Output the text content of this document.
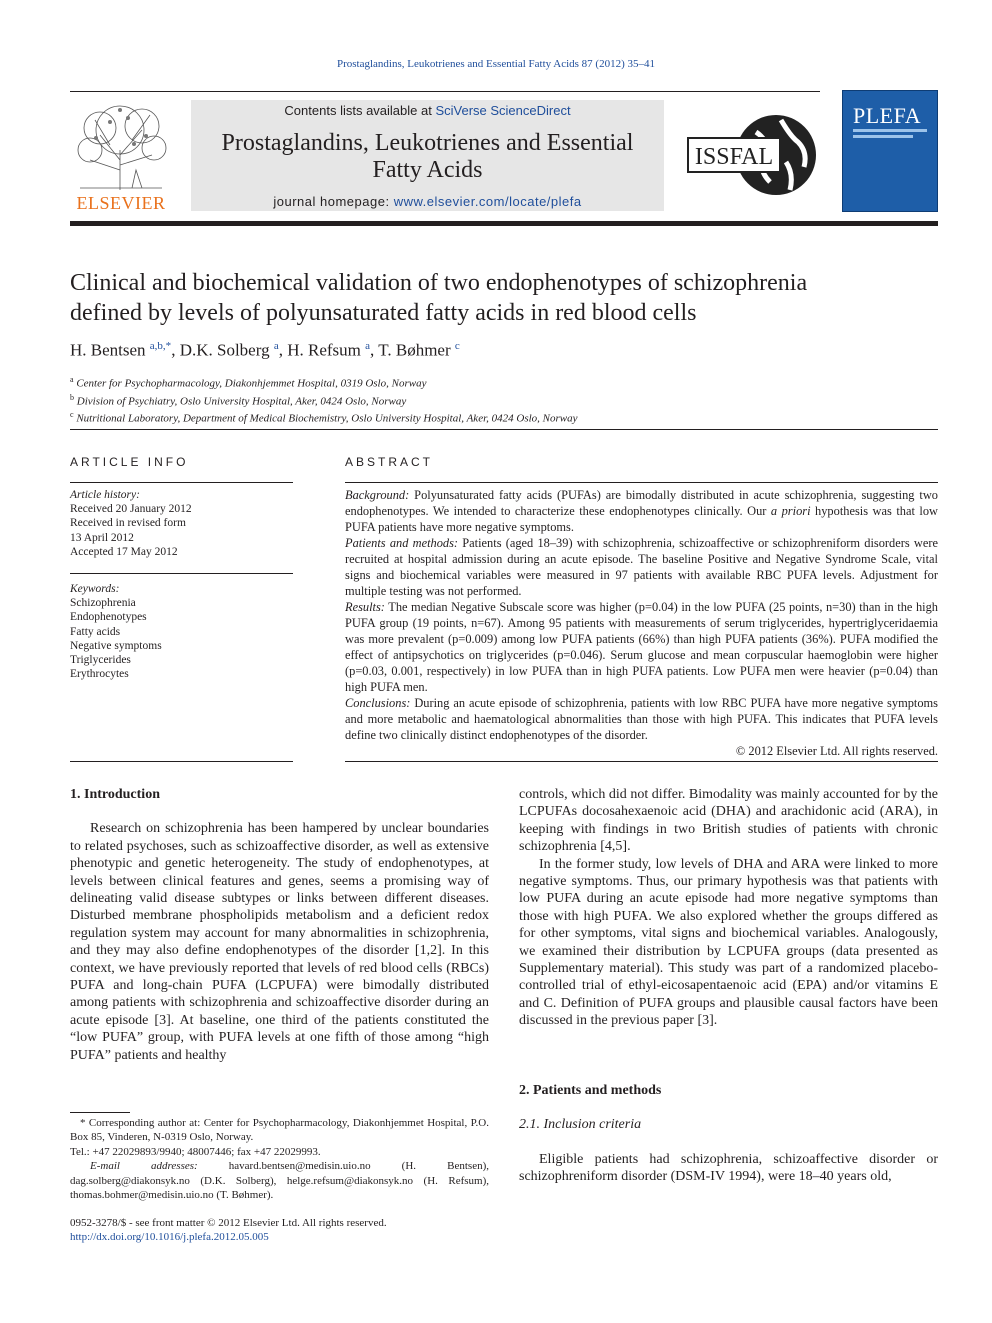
Prostaglandins, Leukotrienes and Essential Fatty Acids 87 (2012) 35–41
ELSEVIER
Contents lists available at SciVerse ScienceDirect
Prostaglandins, Leukotrienes and Essential
Fatty Acids
journal homepage: www.elsevier.com/locate/plefa
ISSFAL
PLEFA
Clinical and biochemical validation of two endophenotypes of schizophrenia
defined by levels of polyunsaturated fatty acids in red blood cells
H. Bentsen $^{a,b,*}$, D.K. Solberg $^a$, H. Refsum $^a$, T. Bøhmer $^c$
$^a$ Center for Psychopharmacology, Diakonhjemmet Hospital, 0319 Oslo, Norway
$^b$ Division of Psychiatry, Oslo University Hospital, Aker, 0424 Oslo, Norway
$^c$ Nutritional Laboratory, Department of Medical Biochemistry, Oslo University Hospital, Aker, 0424 Oslo, Norway
ARTICLE INFO
Article history:
Received 20 January 2012
Received in revised form
13 April 2012
Accepted 17 May 2012
Keywords:
Schizophrenia
Endophenotypes
Fatty acids
Negative symptoms
Triglycerides
Erythrocytes
ABSTRACT

Background: Polyunsaturated fatty acids (PUFAs) are bimodally distributed in acute schizophrenia, suggesting two endophenotypes. We intended to characterize these endophenotypes clinically. Our a priori hypothesis was that low PUFA patients have more negative symptoms.

Patients and methods: Patients (aged 18–39) with schizophrenia, schizoaffective or schizophreniform disorders were recruited at hospital admission during an acute episode. The baseline Positive and Negative Syndrome Scale, vital signs and biochemical variables were measured in 97 patients with available RBC PUFA levels. Adjustment for multiple testing was not performed.

Results: The median Negative Subscale score was higher (p=0.04) in the low PUFA (25 points, n=30) than in the high PUFA group (19 points, n=67). Among 95 patients with measurements of serum triglycerides, hypertriglyceridaemia was more prevalent (p=0.009) among low PUFA patients (66%) than high PUFA patients (36%). PUFA modified the effect of antipsychotics on triglycerides (p=0.046). Serum glucose and mean corpuscular haemoglobin were higher (p=0.03, 0.001, respectively) in low PUFA than in high PUFA patients. Low PUFA men were heavier (p=0.04) than high PUFA men.

Conclusions: During an acute episode of schizophrenia, patients with low RBC PUFA have more negative symptoms and more metabolic and haematological abnormalities than those with high PUFA. This indicates that PUFA levels define two clinically distinct endophenotypes of the disorder.

© 2012 Elsevier Ltd. All rights reserved.

1. Introduction

Research on schizophrenia has been hampered by unclear boundaries to related psychoses, such as schizoaffective disorder, as well as extensive phenotypic and genetic heterogeneity. The study of endophenotypes, at levels between clinical features and genes, seems a promising way of delineating valid disease subtypes or links between different diseases. Disturbed membrane phospholipids metabolism and a deficient redox regulation system may account for many abnormalities in schizophrenia, and they may also define endophenotypes of the disorder [1,2]. In this context, we have previously reported that levels of red blood cells (RBCs) PUFA and long-chain PUFA (LCPUFA) were bimodally distributed among patients with schizophrenia and schizoaffective disorder during an acute episode [3]. At baseline, one third of the patients constituted the “low PUFA” group, with PUFA levels at one fifth of those among “high PUFA” patients and healthy

controls, which did not differ. Bimodality was mainly accounted for by the LCPUFAs docosahexaenoic acid (DHA) and arachidonic acid (ARA), in keeping with findings in two British studies of patients with chronic schizophrenia [4,5].

In the former study, low levels of DHA and ARA were linked to more negative symptoms. Thus, our primary hypothesis was that patients with low PUFA during an acute episode had more negative symptoms than those with high PUFA. We also explored whether the groups differed as for other symptoms, vital signs and biochemical variables. Analogously, we examined their distribution by LCPUFA groups (data presented as Supplementary material). This study was part of a randomized placebo-controlled trial of ethyl-eicosapentaenoic acid (EPA) and/or vitamins E and C. Definition of PUFA groups and plausible causal factors have been discussed in the previous paper [3].

2. Patients and methods

2.1. Inclusion criteria

Eligible patients had schizophrenia, schizoaffective disorder or schizophreniform disorder (DSM-IV 1994), were 18–40 years old,

* Corresponding author at: Center for Psychopharmacology, Diakonhjemmet Hospital, P.O. Box 85, Vinderen, N-0319 Oslo, Norway.
Tel.: +47 22029893/9940; 48007446; fax +47 22029993.
E-mail addresses: havard.bentsen@medisin.uio.no (H. Bentsen), dag.solberg@diakonsyk.no (D.K. Solberg), helge.refsum@diakonsyk.no (H. Refsum), thomas.bohmer@medisin.uio.no (T. Bøhmer).
0952-3278/$ - see front matter © 2012 Elsevier Ltd. All rights reserved.
http://dx.doi.org/10.1016/j.plefa.2012.05.005
